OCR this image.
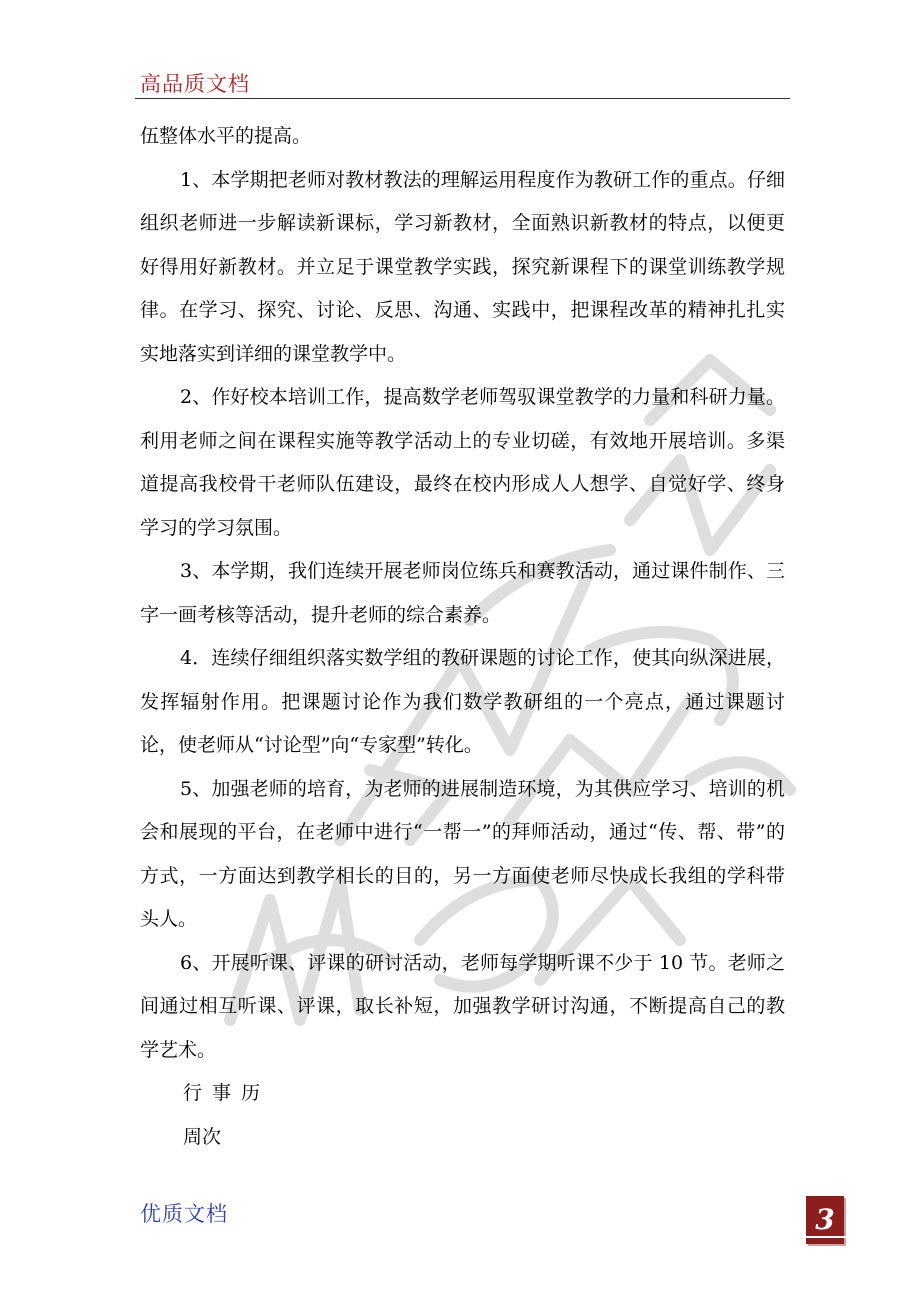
高品质文档

伍整体水平的提高。

1、本学期把老师对教材教法的理解运用程度作为教研工作的重点。仔细组织老师进一步解读新课标，学习新教材，全面熟识新教材的特点，以便更好得用好新教材。并立足于课堂教学实践，探究新课程下的课堂训练教学规律。在学习、探究、讨论、反思、沟通、实践中，把课程改革的精神扎扎实实地落实到详细的课堂教学中。

2、作好校本培训工作，提高数学老师驾驭课堂教学的力量和科研力量。利用老师之间在课程实施等教学活动上的专业切磋，有效地开展培训。多渠道提高我校骨干老师队伍建设，最终在校内形成人人想学、自觉好学、终身学习的学习氛围。

3、本学期，我们连续开展老师岗位练兵和赛教活动，通过课件制作、三字一画考核等活动，提升老师的综合素养。

4．连续仔细组织落实数学组的教研课题的讨论工作，使其向纵深进展，发挥辐射作用。把课题讨论作为我们数学教研组的一个亮点，通过课题讨论，使老师从“讨论型”向“专家型”转化。

5、加强老师的培育，为老师的进展制造环境，为其供应学习、培训的机会和展现的平台，在老师中进行“一帮一”的拜师活动，通过“传、帮、带”的方式，一方面达到教学相长的目的，另一方面使老师尽快成长我组的学科带头人。

6、开展听课、评课的研讨活动，老师每学期听课不少于 10 节。老师之间通过相互听课、评课，取长补短，加强教学研讨沟通，不断提高自己的教学艺术。

行事历

周次

优质文档	3
